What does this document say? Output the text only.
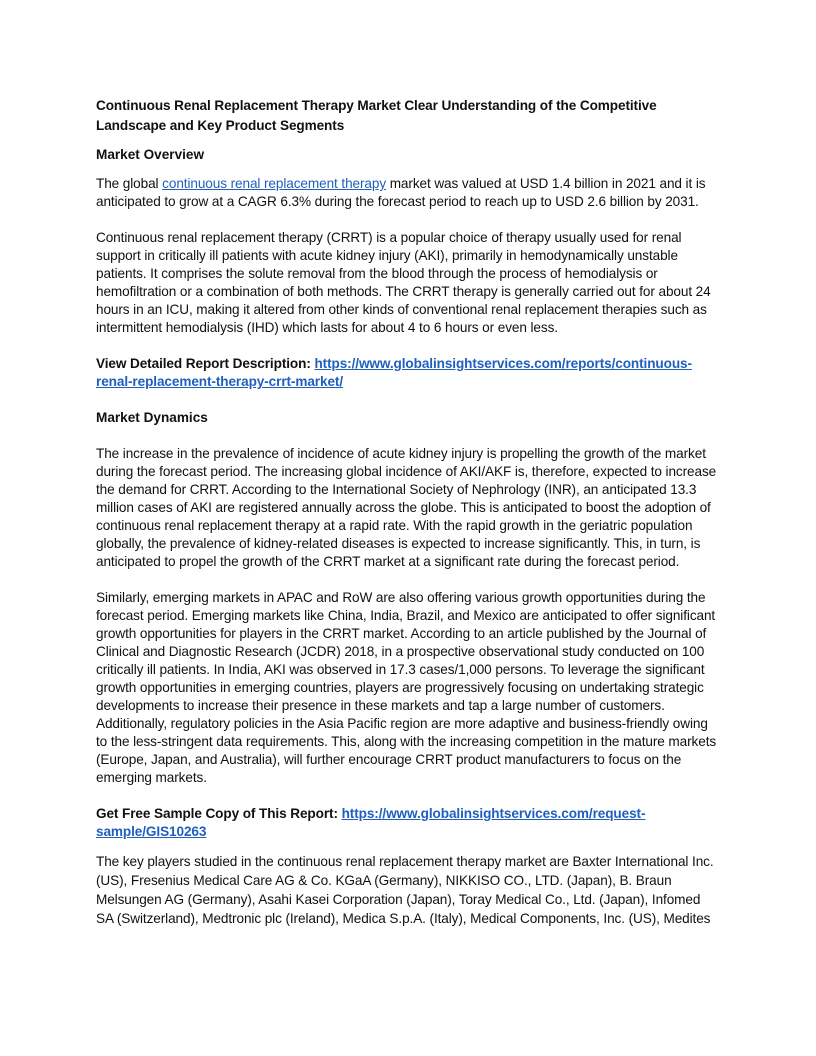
Continuous Renal Replacement Therapy Market Clear Understanding of the Competitive Landscape and Key Product Segments

Market Overview

The global continuous renal replacement therapy market was valued at USD 1.4 billion in 2021 and it is anticipated to grow at a CAGR 6.3% during the forecast period to reach up to USD 2.6 billion by 2031.

Continuous renal replacement therapy (CRRT) is a popular choice of therapy usually used for renal support in critically ill patients with acute kidney injury (AKI), primarily in hemodynamically unstable patients. It comprises the solute removal from the blood through the process of hemodialysis or hemofiltration or a combination of both methods. The CRRT therapy is generally carried out for about 24 hours in an ICU, making it altered from other kinds of conventional renal replacement therapies such as intermittent hemodialysis (IHD) which lasts for about 4 to 6 hours or even less.

View Detailed Report Description: https://www.globalinsightservices.com/reports/continuous-renal-replacement-therapy-crrt-market/

Market Dynamics

The increase in the prevalence of incidence of acute kidney injury is propelling the growth of the market during the forecast period. The increasing global incidence of AKI/AKF is, therefore, expected to increase the demand for CRRT. According to the International Society of Nephrology (INR), an anticipated 13.3 million cases of AKI are registered annually across the globe. This is anticipated to boost the adoption of continuous renal replacement therapy at a rapid rate. With the rapid growth in the geriatric population globally, the prevalence of kidney-related diseases is expected to increase significantly. This, in turn, is anticipated to propel the growth of the CRRT market at a significant rate during the forecast period.

Similarly, emerging markets in APAC and RoW are also offering various growth opportunities during the forecast period. Emerging markets like China, India, Brazil, and Mexico are anticipated to offer significant growth opportunities for players in the CRRT market. According to an article published by the Journal of Clinical and Diagnostic Research (JCDR) 2018, in a prospective observational study conducted on 100 critically ill patients. In India, AKI was observed in 17.3 cases/1,000 persons. To leverage the significant growth opportunities in emerging countries, players are progressively focusing on undertaking strategic developments to increase their presence in these markets and tap a large number of customers. Additionally, regulatory policies in the Asia Pacific region are more adaptive and business-friendly owing to the less-stringent data requirements. This, along with the increasing competition in the mature markets (Europe, Japan, and Australia), will further encourage CRRT product manufacturers to focus on the emerging markets.

Get Free Sample Copy of This Report: https://www.globalinsightservices.com/request-sample/GIS10263

The key players studied in the continuous renal replacement therapy market are Baxter International Inc. (US), Fresenius Medical Care AG & Co. KGaA (Germany), NIKKISO CO., LTD. (Japan), B. Braun Melsungen AG (Germany), Asahi Kasei Corporation (Japan), Toray Medical Co., Ltd. (Japan), Infomed SA (Switzerland), Medtronic plc (Ireland), Medica S.p.A. (Italy), Medical Components, Inc. (US), Medites
